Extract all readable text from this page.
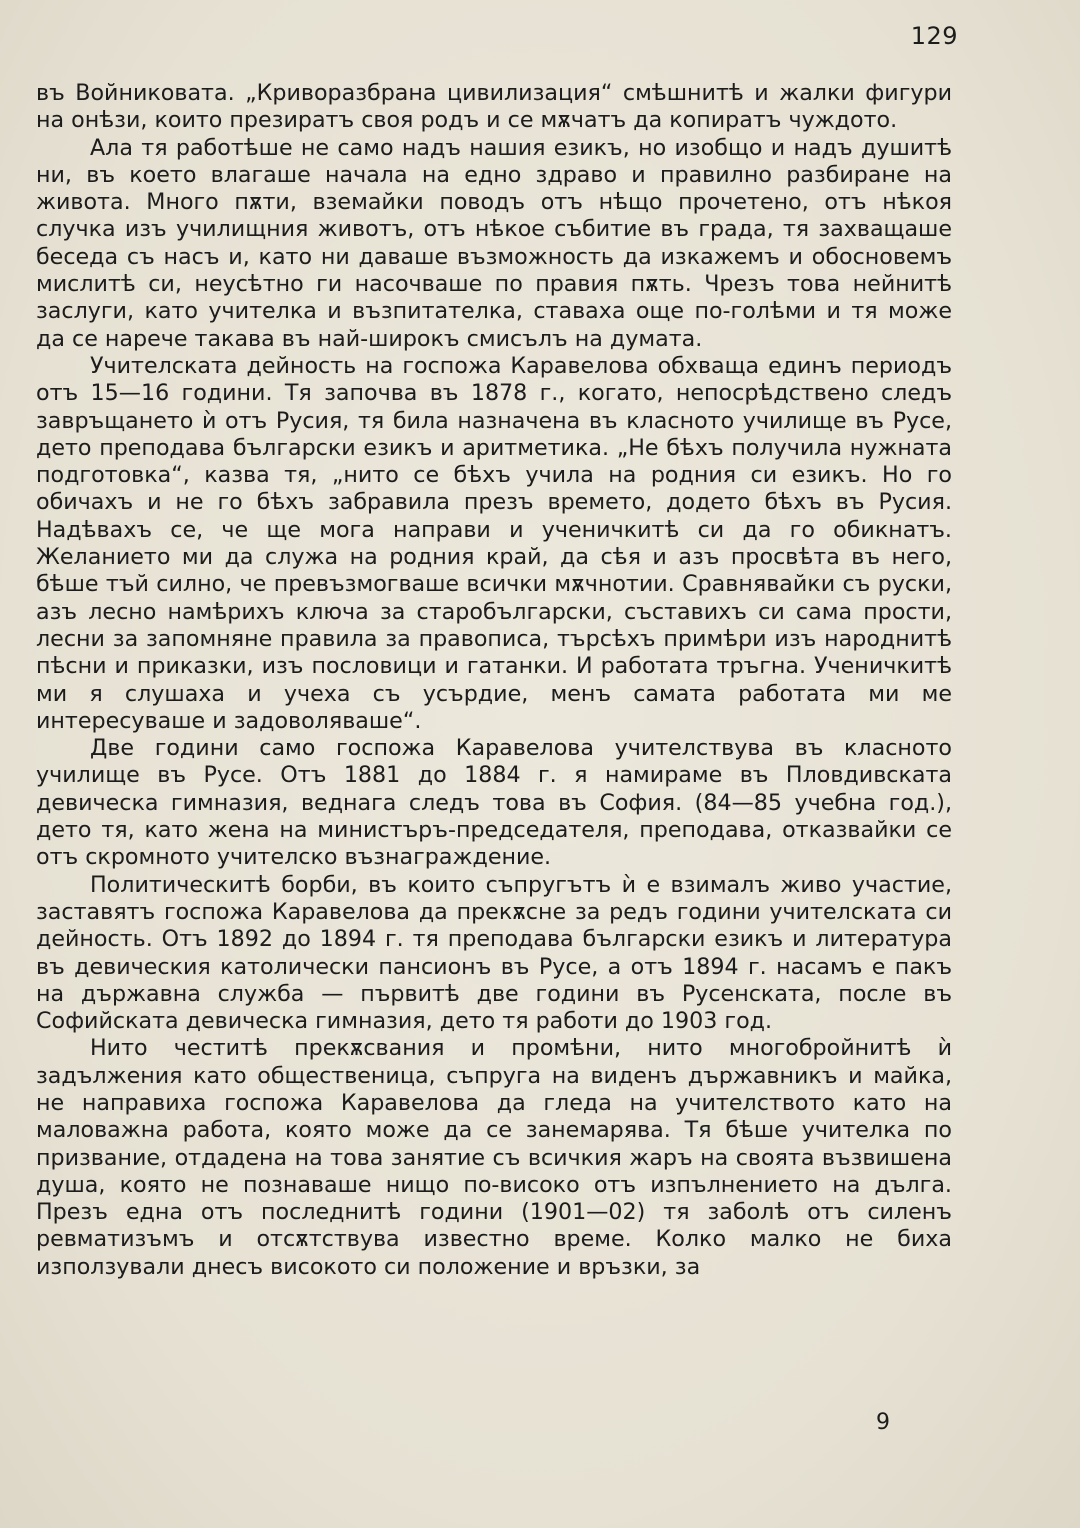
129

въ Войниковата. „Криворазбрана цивилизация“ смѣшнитѣ и жалки фигури на онѣзи, които презиратъ своя родъ и се мѫчатъ да копиратъ чуждото.

Ала тя работѣше не само надъ нашия езикъ, но изобщо и надъ душитѣ ни, въ което влагаше начала на едно здраво и правилно разбиране на живота. Много пѫти, вземайки поводъ отъ нѣщо прочетено, отъ нѣкоя случка изъ училищния животъ, отъ нѣкое събитие въ града, тя захващаше беседа съ насъ и, като ни даваше възможность да изкажемъ и обосновемъ мислитѣ си, неусѣтно ги насочваше по правия пѫть. Чрезъ това нейнитѣ заслуги, като учителка и възпитателка, ставаха още по-голѣми и тя може да се нарече такава въ най-широкъ смисълъ на думата.

Учителската дейность на госпожа Каравелова обхваща единъ периодъ отъ 15—16 години. Тя започва въ 1878 г., когато, непосрѣдствено следъ завръщането ѝ отъ Русия, тя била назначена въ класното училище въ Русе, дето преподава български езикъ и аритметика. „Не бѣхъ получила нужната подготовка“, казва тя, „нито се бѣхъ учила на родния си езикъ. Но го обичахъ и не го бѣхъ забравила презъ времето, додето бѣхъ въ Русия. Надѣвахъ се, че ще мога направи и ученичкитѣ си да го обикнатъ. Желанието ми да служа на родния край, да сѣя и азъ просвѣта въ него, бѣше тъй силно, че превъзмогваше всички мѫчнотии. Сравнявайки съ руски, азъ лесно намѣрихъ ключа за старобългарски, съставихъ си сама прости, лесни за запомняне правила за правописа, търсѣхъ примѣри изъ народнитѣ пѣсни и приказки, изъ пословици и гатанки. И работата тръгна. Ученичкитѣ ми я слушаха и учеха съ усърдие, менъ самата работата ми ме интересуваше и задоволяваше“.

Две години само госпожа Каравелова учителствува въ класното училище въ Русе. Отъ 1881 до 1884 г. я намираме въ Пловдивската девическа гимназия, веднага следъ това въ София. (84—85 учебна год.), дето тя, като жена на министъръ-председателя, преподава, отказвайки се отъ скромното учителско възнаграждение.

Политическитѣ борби, въ които съпругътъ ѝ е взималъ живо участие, заставятъ госпожа Каравелова да прекѫсне за редъ години учителската си дейность. Отъ 1892 до 1894 г. тя преподава български езикъ и литература въ девическия католически пансионъ въ Русе, а отъ 1894 г. насамъ е пакъ на държавна служба — първитѣ две години въ Русенската, после въ Софийската девическа гимназия, дето тя работи до 1903 год.

Нито честитѣ прекѫсвания и промѣни, нито многобройнитѣ ѝ задължения като общественица, съпруга на виденъ държавникъ и майка, не направиха госпожа Каравелова да гледа на учителството като на маловажна работа, която може да се занемарява. Тя бѣше учителка по призвание, отдадена на това занятие съ всичкия жаръ на своята възвишена душа, която не познаваше нищо по-високо отъ изпълнението на дълга. Презъ една отъ последнитѣ години (1901—02) тя заболѣ отъ силенъ ревматизъмъ и отсѫтствува известно време. Колко малко не биха използували днесъ високото си положение и връзки, за

9
